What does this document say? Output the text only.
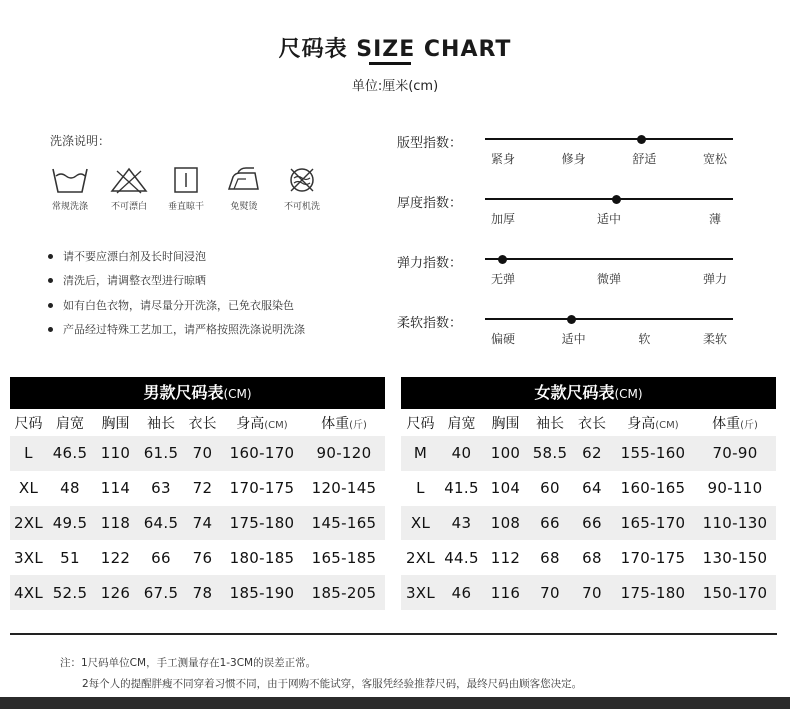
尺码表 SIZE CHART
单位:厘米(cm)
洗涤说明：
常规洗涤	不可漂白	垂直晾干	免熨烫	不可机洗
请不要应漂白剂及长时间浸泡
清洗后，请调整衣型进行晾晒
如有白色衣物，请尽量分开洗涤，已免衣服染色
产品经过特殊工艺加工，请严格按照洗涤说明洗涤
版型指数：
紧身	修身	舒适	宽松
厚度指数：
加厚	适中	薄
弹力指数：
无弹	微弹	弹力
柔软指数：
偏硬	适中	软	柔软
男款尺码表(CM)
尺码	肩宽	胸围	袖长	衣长	身高(CM)	体重(斤)
L	46.5	110	61.5	70	160-170	90-120
XL	48	114	63	72	170-175	120-145
2XL	49.5	118	64.5	74	175-180	145-165
3XL	51	122	66	76	180-185	165-185
4XL	52.5	126	67.5	78	185-190	185-205
女款尺码表(CM)
尺码	肩宽	胸围	袖长	衣长	身高(CM)	体重(斤)
M	40	100	58.5	62	155-160	70-90
L	41.5	104	60	64	160-165	90-110
XL	43	108	66	66	165-170	110-130
2XL	44.5	112	68	68	170-175	130-150
3XL	46	116	70	70	175-180	150-170
注：1尺码单位CM，手工测量存在1-3CM的误差正常。
2每个人的提醒胖瘦不同穿着习惯不同，由于网购不能试穿，客服凭经验推荐尺码，最终尺码由顾客您决定。
